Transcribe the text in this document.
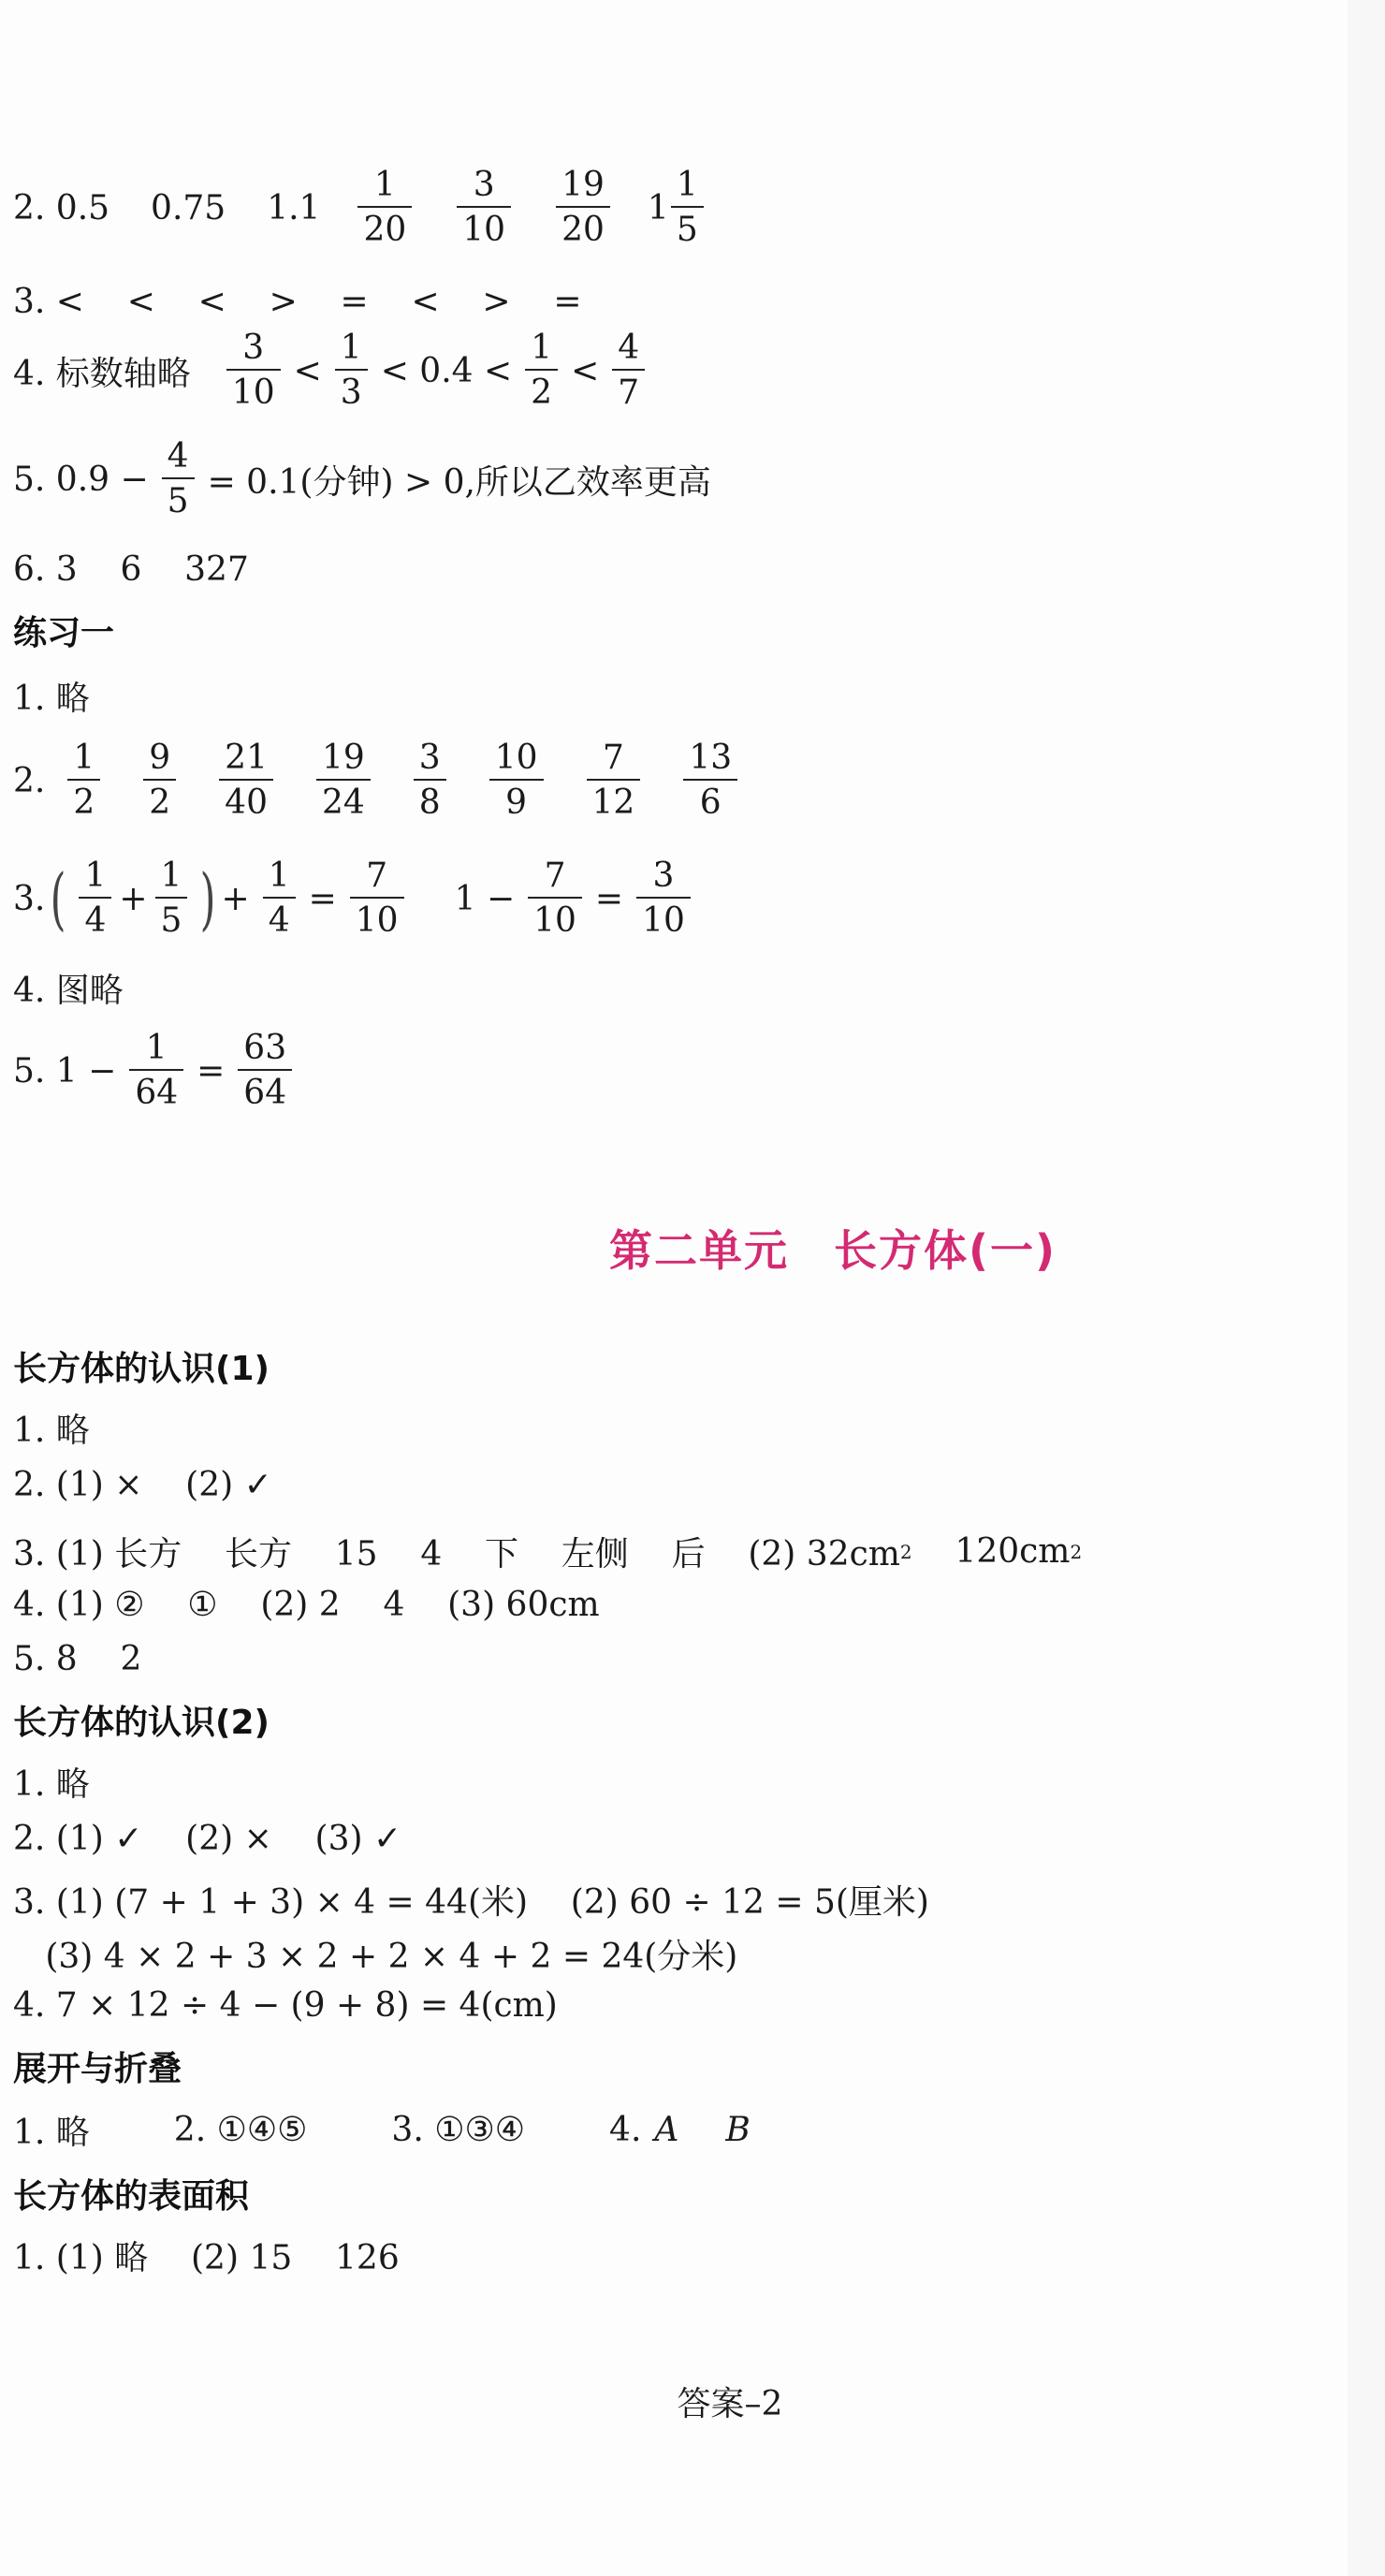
2. 0.5 0.75 $1.1 \frac{1}{20} \frac{3}{10} \frac{19}{20} 1 \frac{1}{5}$
3. <    <    <    >    =    <    >    =
4. 标数轴略 $\frac{3}{10} < \frac{1}{3} < 0.4 < \frac{1}{2} < \frac{4}{7}$
5. $0.9 - \frac{4}{5} = 0.1$(分钟) > 0,所以乙效率更高
6. 3    6    327
练习一
1. 略
2. $\frac{1}{2} \frac{9}{2} \frac{21}{40} \frac{19}{24} \frac{3}{8} \frac{10}{9} \frac{7}{12} \frac{13}{6}$
3. ( $\frac{1}{4} + \frac{1}{5}$ ) + $\frac{1}{4} = \frac{7}{10} 1 - \frac{7}{10} = \frac{3}{10}$
4. 图略
5. $1 - \frac{1}{64} = \frac{63}{64}$
第二单元　长方体(一)
长方体的认识(1)
1. 略
2. (1) ×    (2) ✓
3. (1) 长方    长方    15    4    下    左侧    后    (2) 32cm 2 120cm 2
4. (1) ②    ①    (2) 2    4    (3) 60cm
5. 8    2
长方体的认识(2)
1. 略
2. (1) ✓    (2) ×    (3) ✓
3. (1) (7 + 1 + 3) × 4 = 44(米)    (2) 60 ÷ 12 = 5(厘米)
(3) 4 × 2 + 3 × 2 + 2 × 4 + 2 = 24(分米)
4. 7 × 12 ÷ 4 − (9 + 8) = 4(cm)
展开与折叠
1. 略	2. ①④⑤	3. ①③④	4. A B
长方体的表面积
1. (1) 略    (2) 15    126
答案–2
